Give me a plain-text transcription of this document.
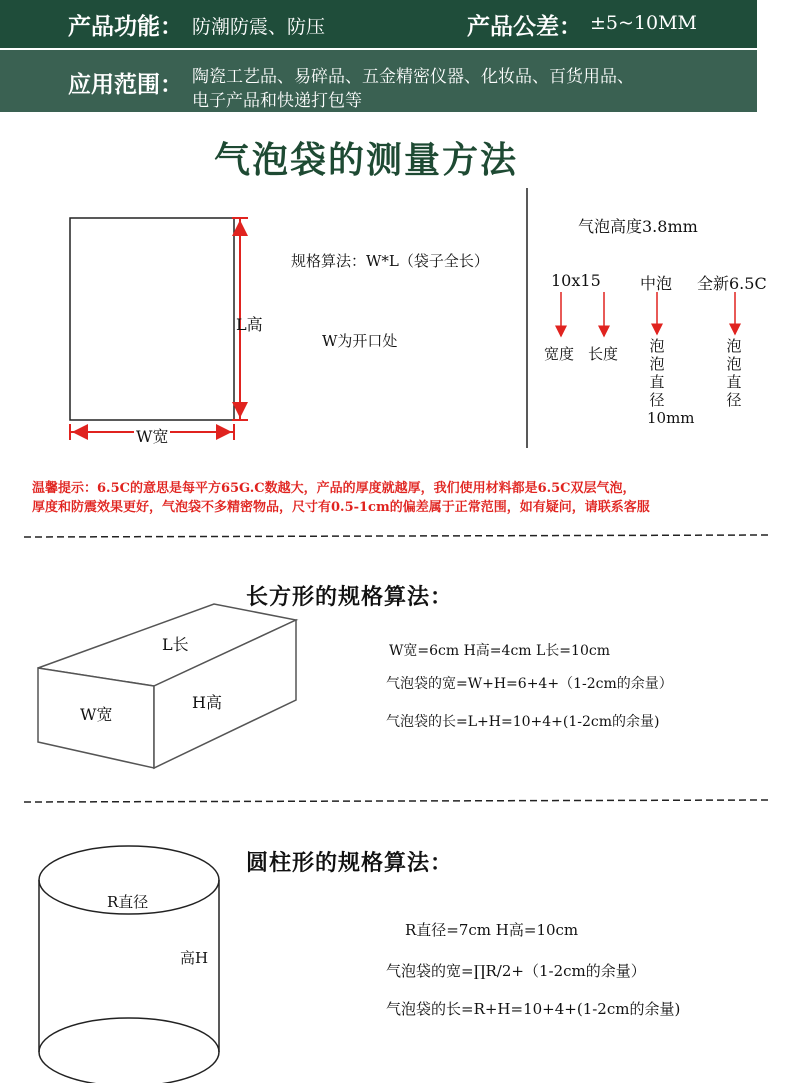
产品功能： 防潮防震、防压	产品公差： ±5~10MM
应用范围： 陶瓷工艺品、易碎品、五金精密仪器、化妆品、百货用品、
电子产品和快递打包等
气泡袋的测量方法
L高
W宽
规格算法：W*L（袋子全长）
W为开口处
气泡高度3.8mm
10x15 中泡 全新6.5C
宽度 长度 泡泡直径10mm
泡泡直径
温馨提示：6.5C的意思是每平方65G.C数越大，产品的厚度就越厚，我们使用材料都是6.5C双层气泡，
厚度和防震效果更好，气泡袋不多精密物品，尺寸有0.5-1cm的偏差属于正常范围，如有疑问，请联系客服
长方形的规格算法：
L长
W宽
H高
W宽=6cm H高=4cm L长=10cm
气泡袋的宽=W+H=6+4+（1-2cm的余量）
气泡袋的长=L+H=10+4+(1-2cm的余量)
圆柱形的规格算法：
R直径
高H
R直径=7cm H高=10cm
气泡袋的宽=∏R/2+（1-2cm的余量）
气泡袋的长=R+H=10+4+(1-2cm的余量)
